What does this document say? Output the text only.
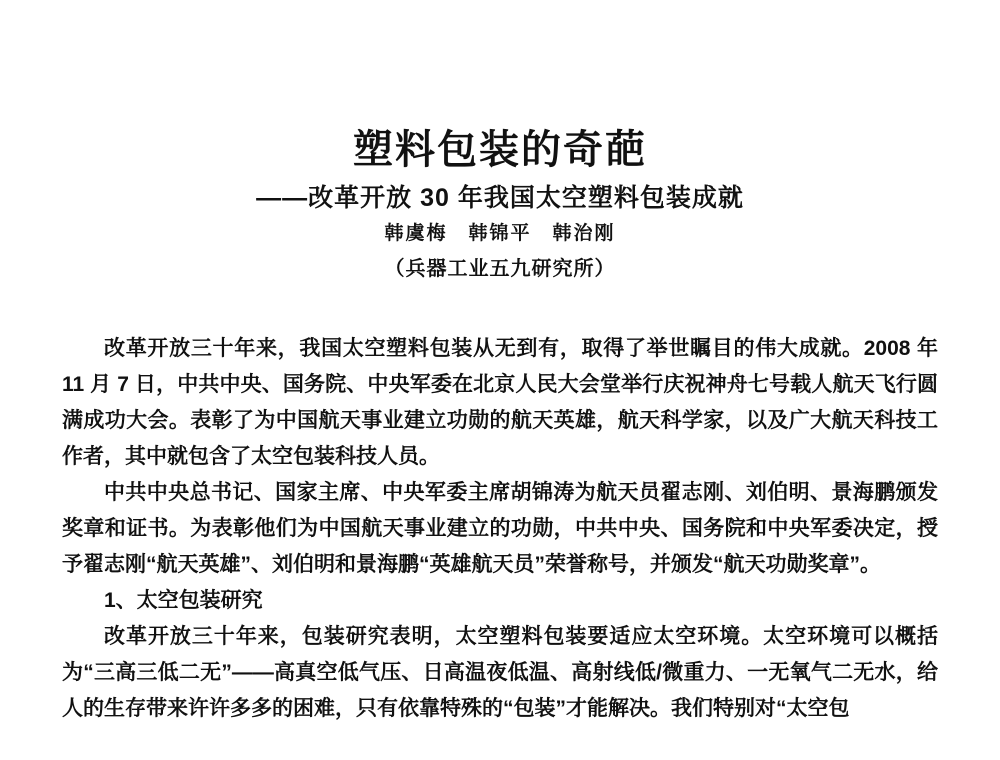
塑料包装的奇葩
——改革开放 30 年我国太空塑料包装成就
韩虞梅　韩锦平　韩治刚
（兵器工业五九研究所）

改革开放三十年来，我国太空塑料包装从无到有，取得了举世瞩目的伟大成就。2008 年 11 月 7 日，中共中央、国务院、中央军委在北京人民大会堂举行庆祝神舟七号载人航天飞行圆满成功大会。表彰了为中国航天事业建立功勋的航天英雄，航天科学家，以及广大航天科技工作者，其中就包含了太空包装科技人员。

中共中央总书记、国家主席、中央军委主席胡锦涛为航天员翟志刚、刘伯明、景海鹏颁发奖章和证书。为表彰他们为中国航天事业建立的功勋，中共中央、国务院和中央军委决定，授予翟志刚“航天英雄”、刘伯明和景海鹏“英雄航天员”荣誉称号，并颁发“航天功勋奖章”。

1、太空包装研究

改革开放三十年来，包装研究表明，太空塑料包装要适应太空环境。太空环境可以概括为“三高三低二无”——高真空低气压、日高温夜低温、高射线低/微重力、一无氧气二无水，给人的生存带来许许多多的困难，只有依靠特殊的“包装”才能解决。我们特别对“太空包
